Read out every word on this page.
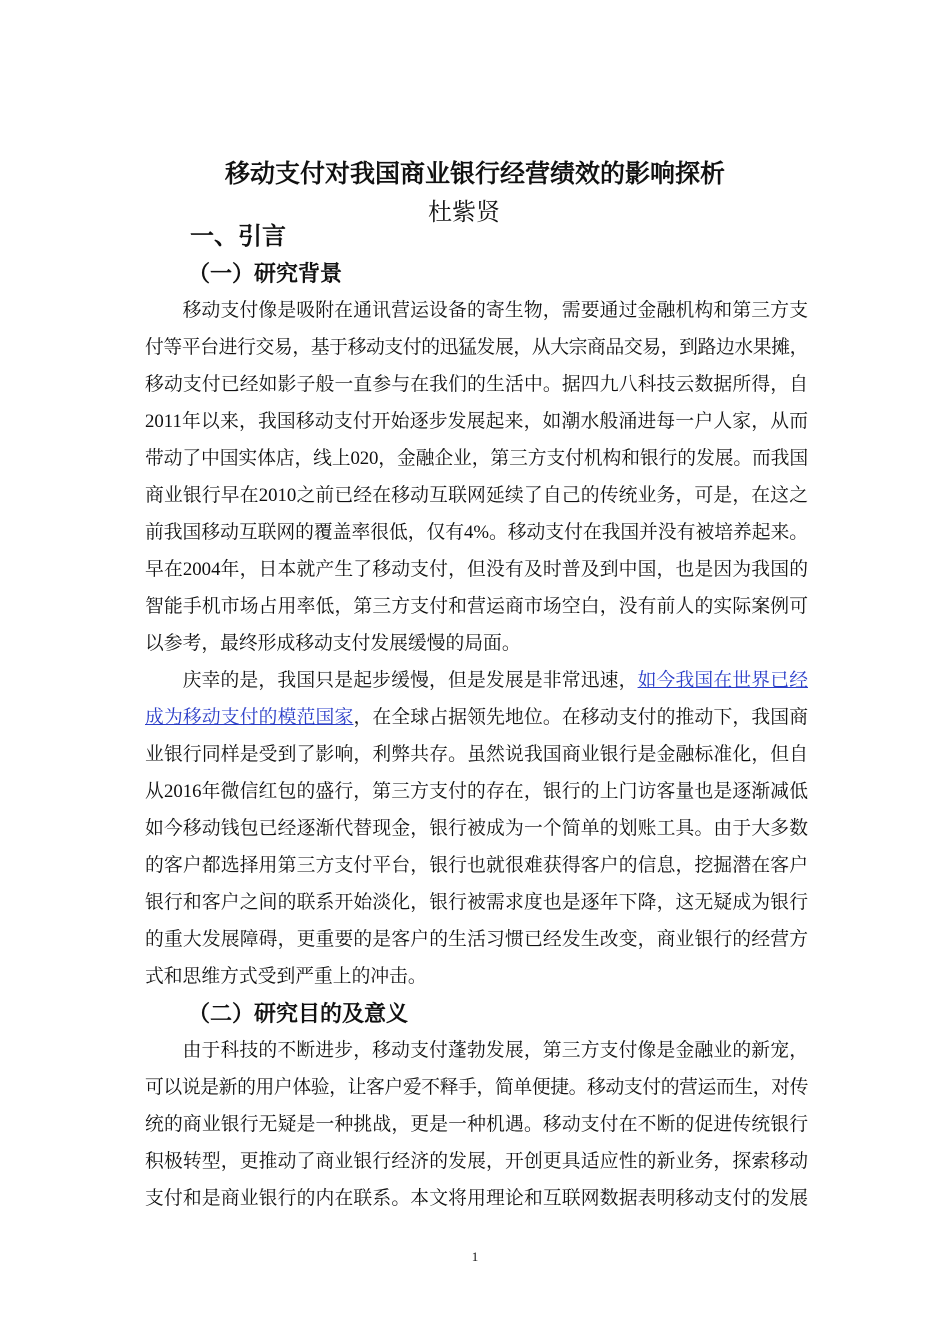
移动支付对我国商业银行经营绩效的影响探析
杜紫贤
一、引言
（一）研究背景
移动支付像是吸附在通讯营运设备的寄生物，需要通过金融机构和第三方支
付等平台进行交易，基于移动支付的迅猛发展，从大宗商品交易，到路边水果摊，
移动支付已经如影子般一直参与在我们的生活中。据四九八科技云数据所得，自
2011年以来，我国移动支付开始逐步发展起来，如潮水般涌进每一户人家，从而
带动了中国实体店，线上020，金融企业，第三方支付机构和银行的发展。而我国
商业银行早在2010之前已经在移动互联网延续了自己的传统业务，可是，在这之
前我国移动互联网的覆盖率很低，仅有4%。移动支付在我国并没有被培养起来。
早在2004年，日本就产生了移动支付，但没有及时普及到中国，也是因为我国的
智能手机市场占用率低，第三方支付和营运商市场空白，没有前人的实际案例可
以参考，最终形成移动支付发展缓慢的局面。
庆幸的是，我国只是起步缓慢，但是发展是非常迅速，如今我国在世界已经
成为移动支付的模范国家，在全球占据领先地位。在移动支付的推动下，我国商
业银行同样是受到了影响，利弊共存。虽然说我国商业银行是金融标准化，但自
从2016年微信红包的盛行，第三方支付的存在，银行的上门访客量也是逐渐减低
如今移动钱包已经逐渐代替现金，银行被成为一个简单的划账工具。由于大多数
的客户都选择用第三方支付平台，银行也就很难获得客户的信息，挖掘潜在客户
银行和客户之间的联系开始淡化，银行被需求度也是逐年下降，这无疑成为银行
的重大发展障碍，更重要的是客户的生活习惯已经发生改变，商业银行的经营方
式和思维方式受到严重上的冲击。
（二）研究目的及意义
由于科技的不断进步，移动支付蓬勃发展，第三方支付像是金融业的新宠，
可以说是新的用户体验，让客户爱不释手，简单便捷。移动支付的营运而生，对传
统的商业银行无疑是一种挑战，更是一种机遇。移动支付在不断的促进传统银行
积极转型，更推动了商业银行经济的发展，开创更具适应性的新业务，探索移动
支付和是商业银行的内在联系。本文将用理论和互联网数据表明移动支付的发展
1
